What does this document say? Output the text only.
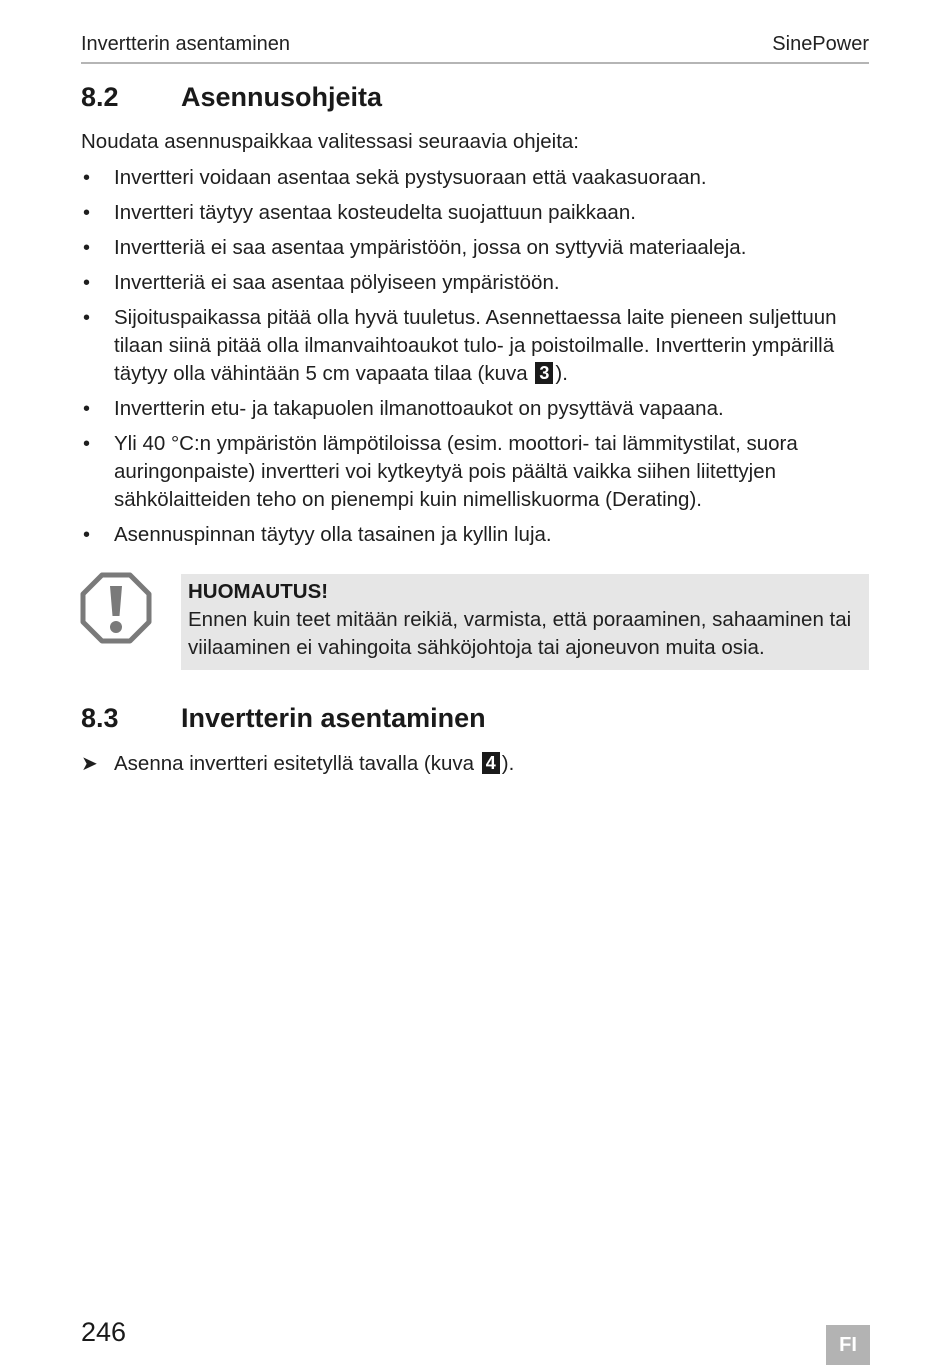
Invertterin asentaminen	SinePower
8.2 Asennusohjeita
Noudata asennuspaikkaa valitessasi seuraavia ohjeita:
• Invertteri voidaan asentaa sekä pystysuoraan että vaakasuoraan.
• Invertteri täytyy asentaa kosteudelta suojattuun paikkaan.
• Invertteriä ei saa asentaa ympäristöön, jossa on syttyviä materiaaleja.
• Invertteriä ei saa asentaa pölyiseen ympäristöön.
• Sijoituspaikassa pitää olla hyvä tuuletus. Asennettaessa laite pieneen suljettuun tilaan siinä pitää olla ilmanvaihtoaukot tulo- ja poistoilmalle. Invertterin ympärillä täytyy olla vähintään 5 cm vapaata tilaa (kuva 3 ).
• Invertterin etu- ja takapuolen ilmanottoaukot on pysyttävä vapaana.
• Yli 40 °C:n ympäristön lämpötiloissa (esim. moottori- tai lämmitystilat, suora auringonpaiste) invertteri voi kytkeytyä pois päältä vaikka siihen liitettyjen sähkölaitteiden teho on pienempi kuin nimelliskuorma (Derating).
• Asennuspinnan täytyy olla tasainen ja kyllin luja.
HUOMAUTUS!
Ennen kuin teet mitään reikiä, varmista, että poraaminen, sahaaminen tai viilaaminen ei vahingoita sähköjohtoja tai ajoneuvon muita osia.
8.3 Invertterin asentaminen
➤ Asenna invertteri esitetyllä tavalla (kuva 4 ).
246	FI
